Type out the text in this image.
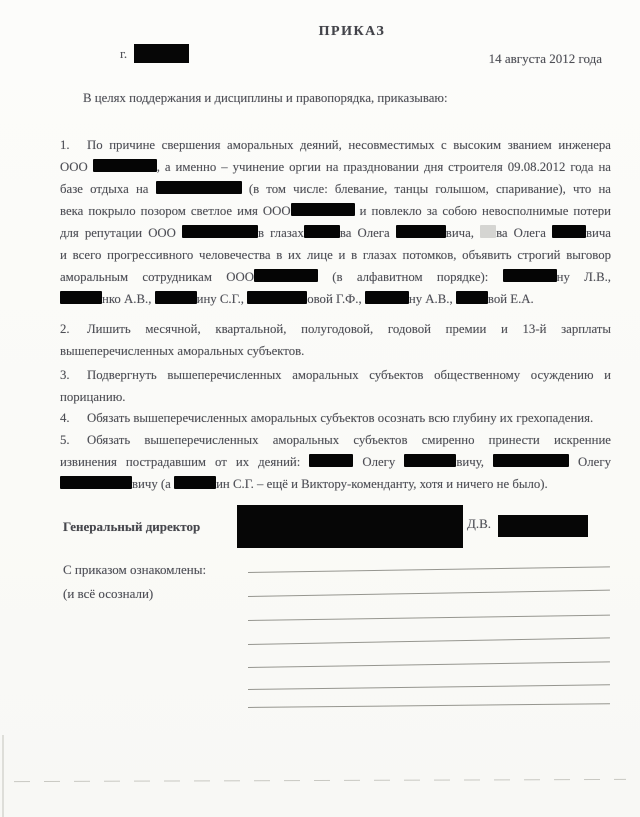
ПРИКАЗ
г.	14 августа 2012 года
В целях поддержания и дисциплины и правопорядка, приказываю:
1. По причине свершения аморальных деяний, несовместимых с высоким званием инженера
ООО	, а именно – учинение оргии на праздновании дня строителя 09.08.2012 года на
базе отдыха на	(в том числе: блевание, танцы голышом, спаривание), что на
века покрыло позором светлое имя ООО	и повлекло за собою невосполнимые потери
для репутации ООО	в глазах	ва Олега	вича, ва Олега	вича
и всего прогрессивного человечества в их лице и в глазах потомков, объявить строгий выговор
аморальным сотрудникам ООО	(в алфавитном порядке):	ну Л.В.,
нко А.В.,	ину С.Г.,	овой Г.Ф.,	ну А.В.,	вой Е.А.
2. Лишить месячной, квартальной, полугодовой, годовой премии и 13-й зарплаты
вышеперечисленных аморальных субъектов.
3. Подвергнуть вышеперечисленных аморальных субъектов общественному осуждению и
порицанию.
4. Обязать вышеперечисленных аморальных субъектов осознать всю глубину их грехопадения.
5. Обязать вышеперечисленных аморальных субъектов смиренно принести искренние
извинения пострадавшим от их деяний:	Олегу	вичу,	Олегу
вичу (а	ин С.Г. – ещё и Виктору-коменданту, хотя и ничего не было).
Генеральный директор	Д.В.
С приказом ознакомлены:
(и всё осознали)
